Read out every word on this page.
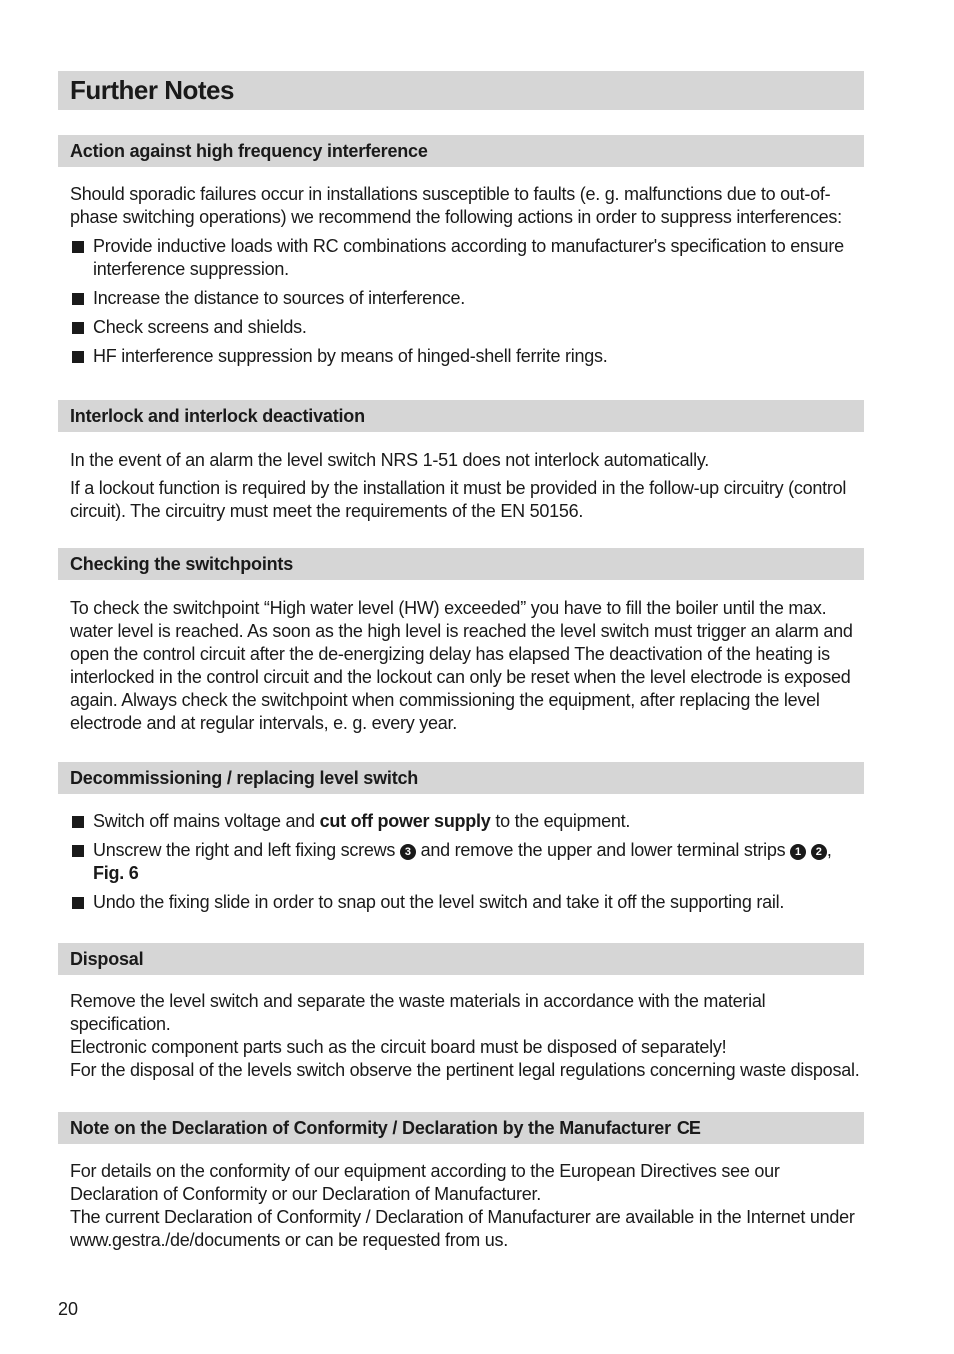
Further Notes
Action against high frequency interference

Should sporadic failures occur in installations susceptible to faults (e. g. malfunctions due to out-of-phase switching operations) we recommend the following actions in order to suppress interferences:

Provide inductive loads with RC combinations according to manufacturer's specification to ensure interference suppression.
Increase the distance to sources of interference.
Check screens and shields.
HF interference suppression by means of hinged-shell ferrite rings.
Interlock and interlock deactivation

In the event of an alarm the level switch NRS 1-51 does not interlock automatically.

If a lockout function is required by the installation it must be provided in the follow-up circuitry (control circuit). The circuitry must meet the requirements of the EN 50156.

Checking the switchpoints

To check the switchpoint “High water level (HW) exceeded” you have to fill the boiler until the max. water level is reached. As soon as the high level is reached the level switch must trigger an alarm and open the control circuit after the de-energizing delay has elapsed The deactivation of the heating is interlocked in the control circuit and the lockout can only be reset when the level electrode is exposed again. Always check the switchpoint when commissioning the equipment, after replacing the level electrode and at regular intervals, e. g. every year.

Decommissioning / replacing level switch
Switch off mains voltage and cut off power supply to the equipment.
Unscrew the right and left fixing screws 3 and remove the upper and lower terminal strips 1 2 ,
Fig. 6
Undo the fixing slide in order to snap out the level switch and take it off the supporting rail.
Disposal

Remove the level switch and separate the waste materials in accordance with the material specification.

Electronic component parts such as the circuit board must be disposed of separately!

For the disposal of the levels switch observe the pertinent legal regulations concerning waste disposal.

Note on the Declaration of Conformity / Declaration by the Manufacturer CE

For details on the conformity of our equipment according to the European Directives see our Declaration of Conformity or our Declaration of Manufacturer.

The current Declaration of Conformity / Declaration of Manufacturer are available in the Internet under www.gestra./de/documents or can be requested from us.

20
